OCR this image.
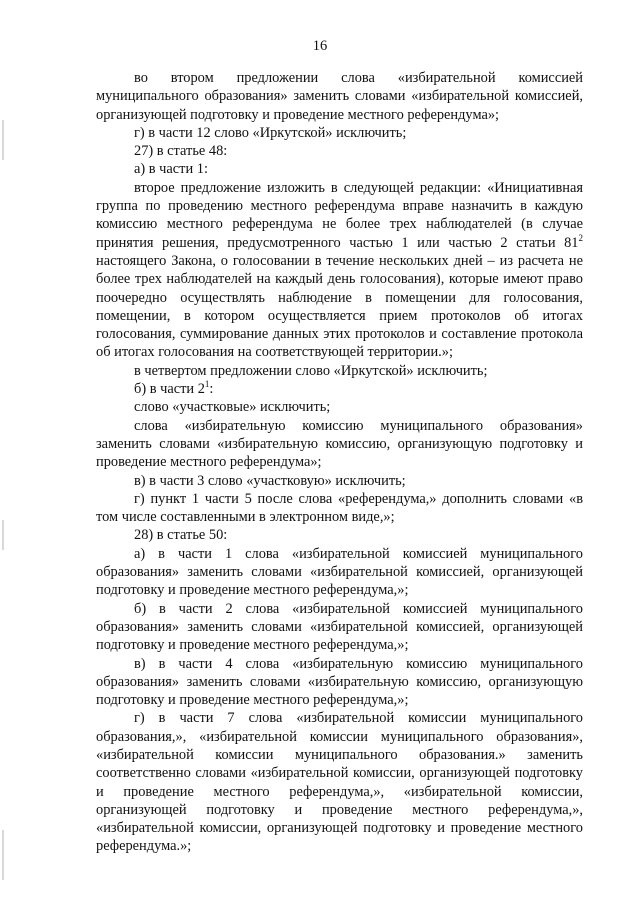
16

во втором предложении слова «избирательной комиссией муниципального образования» заменить словами «избирательной комиссией, организующей подготовку и проведение местного референдума»;

г) в части 12 слово «Иркутской» исключить;

27) в статье 48:

а) в части 1:

второе предложение изложить в следующей редакции: «Инициативная группа по проведению местного референдума вправе назначить в каждую комиссию местного референдума не более трех наблюдателей (в случае принятия решения, предусмотренного частью 1 или частью 2 статьи $81^2$ настоящего Закона, о голосовании в течение нескольких дней – из расчета не более трех наблюдателей на каждый день голосования), которые имеют право поочередно осуществлять наблюдение в помещении для голосования, помещении, в котором осуществляется прием протоколов об итогах голосования, суммирование данных этих протоколов и составление протокола об итогах голосования на соответствующей территории.»;

в четвертом предложении слово «Иркутской» исключить;

б) в части $2^1$:

слово «участковые» исключить;

слова «избирательную комиссию муниципального образования» заменить словами «избирательную комиссию, организующую подготовку и проведение местного референдума»;

в) в части 3 слово «участковую» исключить;

г) пункт 1 части 5 после слова «референдума,» дополнить словами «в том числе составленными в электронном виде,»;

28) в статье 50:

а) в части 1 слова «избирательной комиссией муниципального образования» заменить словами «избирательной комиссией, организующей подготовку и проведение местного референдума,»;

б) в части 2 слова «избирательной комиссией муниципального образования» заменить словами «избирательной комиссией, организующей подготовку и проведение местного референдума,»;

в) в части 4 слова «избирательную комиссию муниципального образования» заменить словами «избирательную комиссию, организующую подготовку и проведение местного референдума,»;

г) в части 7 слова «избирательной комиссии муниципального образования,», «избирательной комиссии муниципального образования», «избирательной комиссии муниципального образования.» заменить соответственно словами «избирательной комиссии, организующей подготовку и проведение местного референдума,», «избирательной комиссии, организующей подготовку и проведение местного референдума,», «избирательной комиссии, организующей подготовку и проведение местного референдума.»;
